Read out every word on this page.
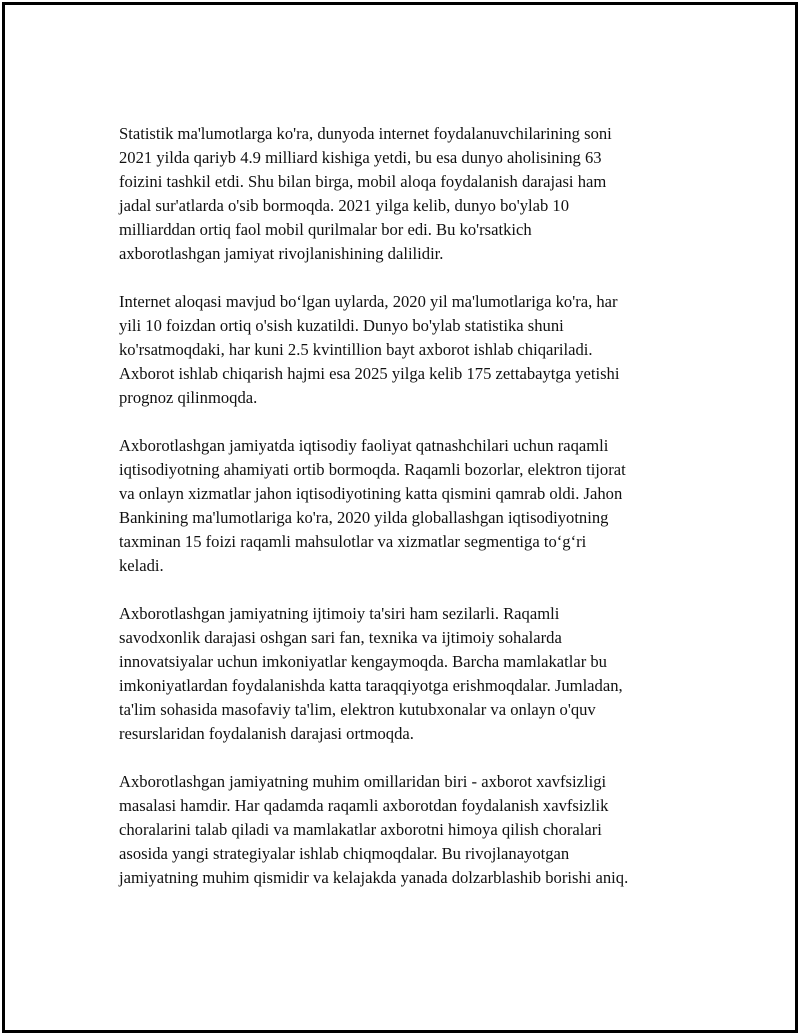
Statistik ma'lumotlarga ko'ra, dunyoda internet foydalanuvchilarining soni
2021 yilda qariyb 4.9 milliard kishiga yetdi, bu esa dunyo aholisining 63
foizini tashkil etdi. Shu bilan birga, mobil aloqa foydalanish darajasi ham
jadal sur'atlarda o'sib bormoqda. 2021 yilga kelib, dunyo bo'ylab 10
milliarddan ortiq faol mobil qurilmalar bor edi. Bu ko'rsatkich
axborotlashgan jamiyat rivojlanishining dalilidir.

Internet aloqasi mavjud boʻlgan uylarda, 2020 yil ma'lumotlariga ko'ra, har
yili 10 foizdan ortiq o'sish kuzatildi. Dunyo bo'ylab statistika shuni
ko'rsatmoqdaki, har kuni 2.5 kvintillion bayt axborot ishlab chiqariladi.
Axborot ishlab chiqarish hajmi esa 2025 yilga kelib 175 zettabaytga yetishi
prognoz qilinmoqda.

Axborotlashgan jamiyatda iqtisodiy faoliyat qatnashchilari uchun raqamli
iqtisodiyotning ahamiyati ortib bormoqda. Raqamli bozorlar, elektron tijorat
va onlayn xizmatlar jahon iqtisodiyotining katta qismini qamrab oldi. Jahon
Bankining ma'lumotlariga ko'ra, 2020 yilda globallashgan iqtisodiyotning
taxminan 15 foizi raqamli mahsulotlar va xizmatlar segmentiga toʻgʻri
keladi.

Axborotlashgan jamiyatning ijtimoiy ta'siri ham sezilarli. Raqamli
savodxonlik darajasi oshgan sari fan, texnika va ijtimoiy sohalarda
innovatsiyalar uchun imkoniyatlar kengaymoqda. Barcha mamlakatlar bu
imkoniyatlardan foydalanishda katta taraqqiyotga erishmoqdalar. Jumladan,
ta'lim sohasida masofaviy ta'lim, elektron kutubxonalar va onlayn o'quv
resurslaridan foydalanish darajasi ortmoqda.

Axborotlashgan jamiyatning muhim omillaridan biri - axborot xavfsizligi
masalasi hamdir. Har qadamda raqamli axborotdan foydalanish xavfsizlik
choralarini talab qiladi va mamlakatlar axborotni himoya qilish choralari
asosida yangi strategiyalar ishlab chiqmoqdalar. Bu rivojlanayotgan
jamiyatning muhim qismidir va kelajakda yanada dolzarblashib borishi aniq.
